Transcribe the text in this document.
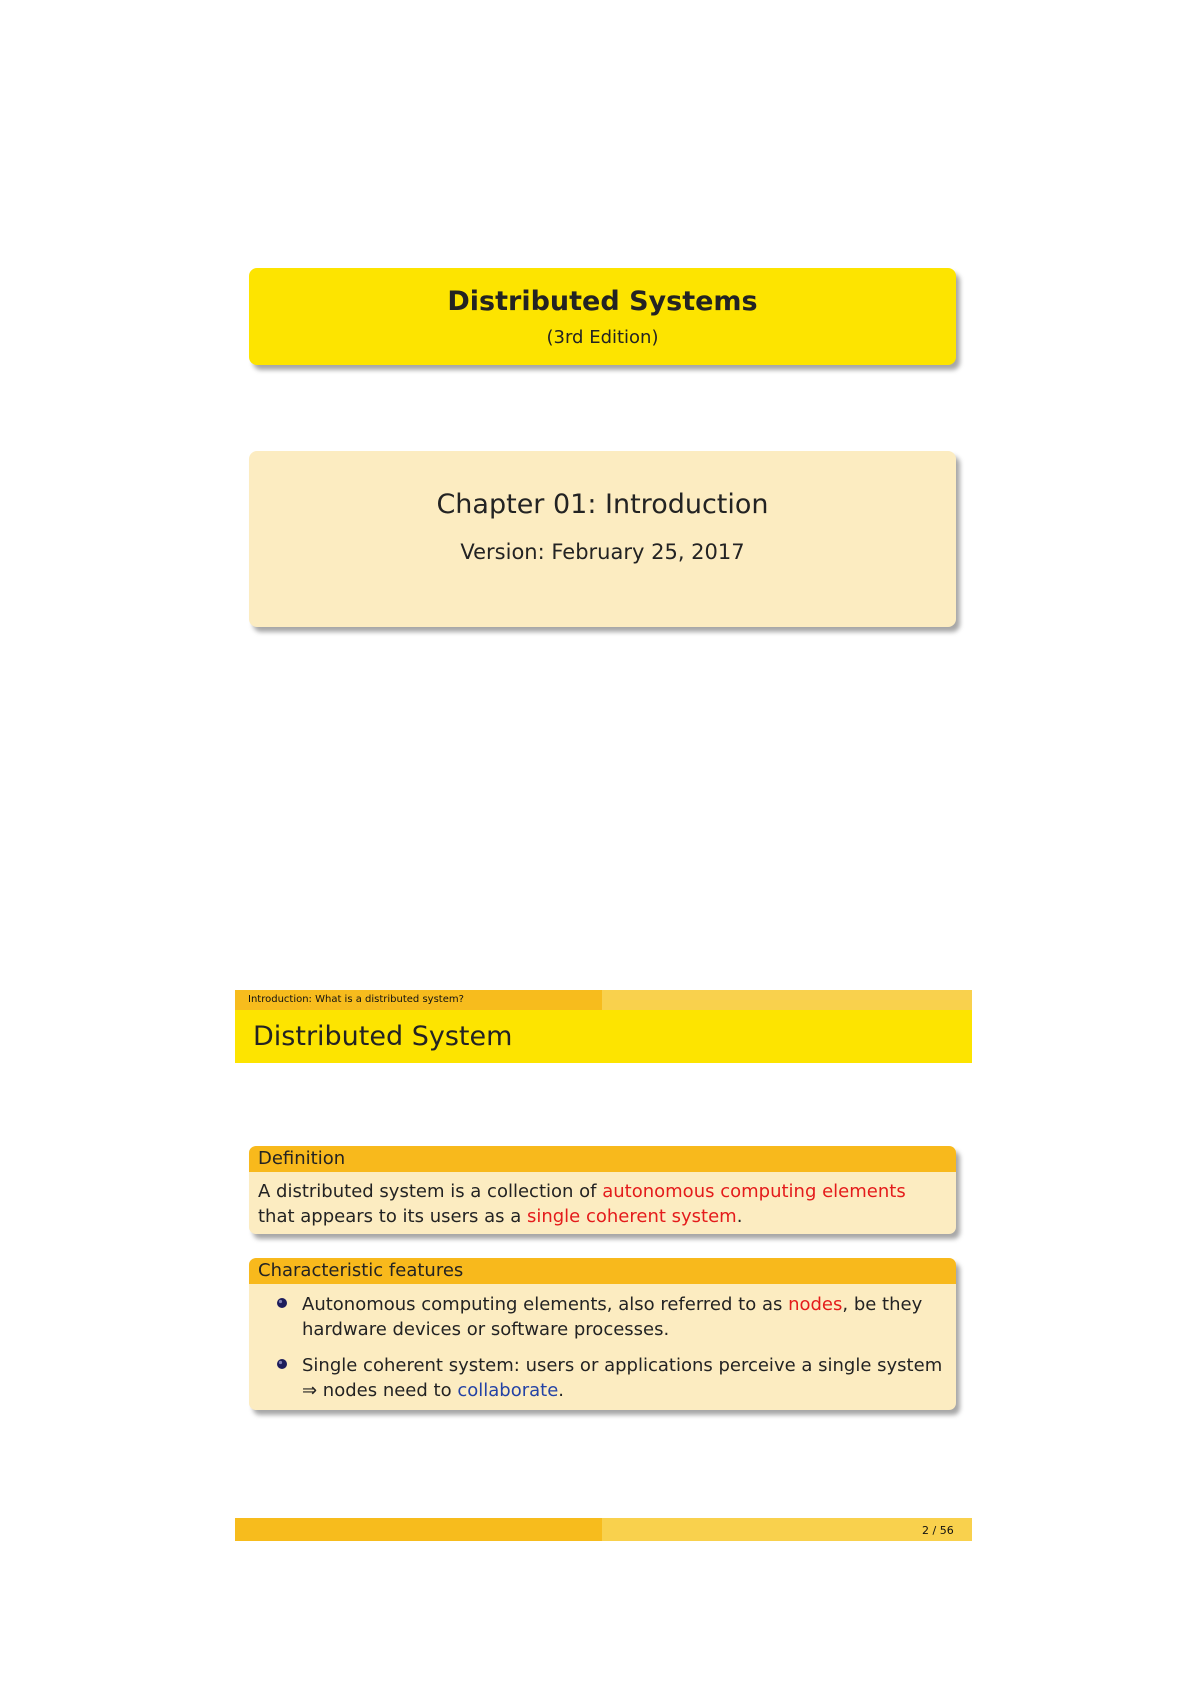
Distributed Systems
(3rd Edition)
Chapter 01: Introduction
Version: February 25, 2017
Introduction: What is a distributed system?
Distributed System
Definition
A distributed system is a collection of autonomous computing elements that appears to its users as a single coherent system.
Characteristic features
Autonomous computing elements, also referred to as nodes, be they hardware devices or software processes.
Single coherent system: users or applications perceive a single system ⇒ nodes need to collaborate.
2 / 56
